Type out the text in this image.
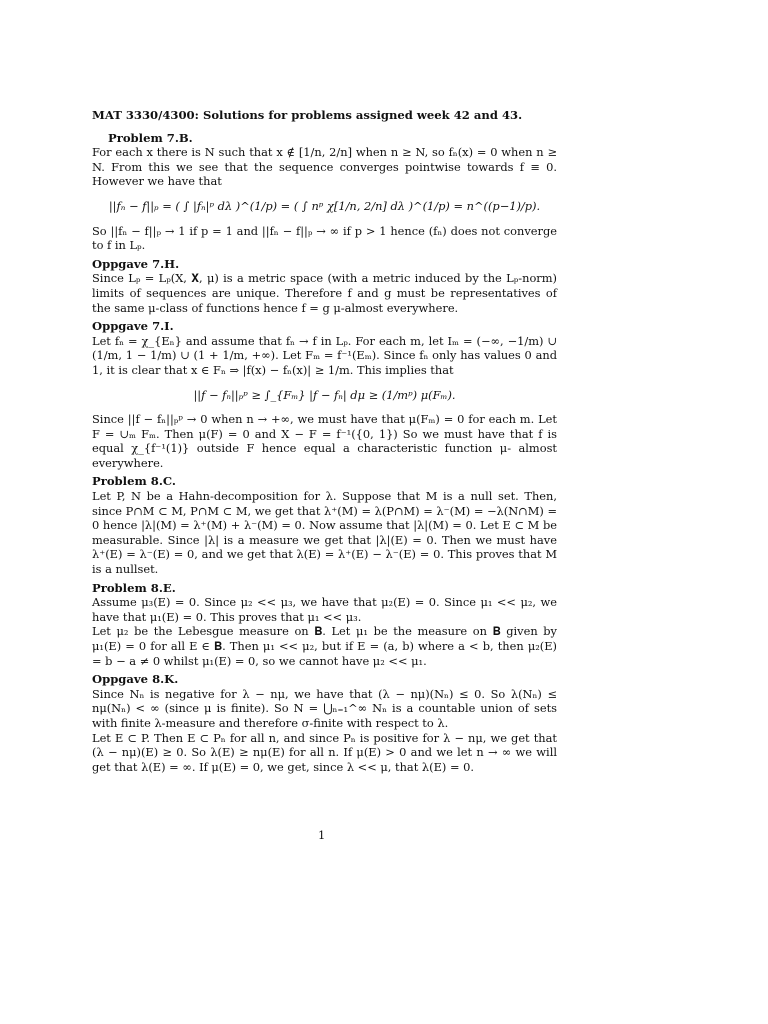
MAT 3330/4300: Solutions for problems assigned week 42 and 43.
Problem 7.B.

For each x there is N such that x ∉ [1/n, 2/n] when n ≥ N, so fₙ(x) = 0 when n ≥ N. From this we see that the sequence converges pointwise towards f ≡ 0. However we have that

||fₙ − f||ₚ = ( ∫ |fₙ|ᵖ dλ )^(1/p) = ( ∫ nᵖ χ[1/n, 2/n] dλ )^(1/p) = n^((p−1)/p).

So ||fₙ − f||ₚ → 1 if p = 1 and ||fₙ − f||ₚ → ∞ if p > 1 hence (fₙ) does not converge to f in Lₚ.

Oppgave 7.H.

Since Lₚ = Lₚ(X, 𝐗, μ) is a metric space (with a metric induced by the Lₚ-norm) limits of sequences are unique. Therefore f and g must be representatives of the same μ-class of functions hence f = g μ-almost everywhere.

Oppgave 7.I.

Let fₙ = χ_{Eₙ} and assume that fₙ → f in Lₚ. For each m, let Iₘ = (−∞, −1/m) ∪ (1/m, 1 − 1/m) ∪ (1 + 1/m, +∞). Let Fₘ = f⁻¹(Eₘ). Since fₙ only has values 0 and 1, it is clear that x ∈ Fₙ ⇒ |f(x) − fₙ(x)| ≥ 1/m. This implies that

||f − fₙ||ₚᵖ ≥ ∫_{Fₘ} |f − fₙ| dμ ≥ (1/mᵖ) μ(Fₘ).

Since ||f − fₙ||ₚᵖ → 0 when n → +∞, we must have that μ(Fₘ) = 0 for each m. Let F = ∪ₘ Fₘ. Then μ(F) = 0 and X − F = f⁻¹({0, 1}) So we must have that f is equal χ_{f⁻¹(1)} outside F hence equal a characteristic function μ- almost everywhere.

Problem 8.C.

Let P, N be a Hahn-decomposition for λ. Suppose that M is a null set. Then, since P∩M ⊂ M, P∩M ⊂ M, we get that λ⁺(M) = λ(P∩M) = λ⁻(M) = −λ(N∩M) = 0 hence |λ|(M) = λ⁺(M) + λ⁻(M) = 0. Now assume that |λ|(M) = 0. Let E ⊂ M be measurable. Since |λ| is a measure we get that |λ|(E) = 0. Then we must have λ⁺(E) = λ⁻(E) = 0, and we get that λ(E) = λ⁺(E) − λ⁻(E) = 0. This proves that M is a nullset.

Problem 8.E.

Assume μ₃(E) = 0. Since μ₂ << μ₃, we have that μ₂(E) = 0. Since μ₁ << μ₂, we have that μ₁(E) = 0. This proves that μ₁ << μ₃.

Let μ₂ be the Lebesgue measure on 𝐁. Let μ₁ be the measure on 𝐁 given by μ₁(E) = 0 for all E ∈ 𝐁. Then μ₁ << μ₂, but if E = (a, b) where a < b, then μ₂(E) = b − a ≠ 0 whilst μ₁(E) = 0, so we cannot have μ₂ << μ₁.

Oppgave 8.K.

Since Nₙ is negative for λ − nμ, we have that (λ − nμ)(Nₙ) ≤ 0. So λ(Nₙ) ≤ nμ(Nₙ) < ∞ (since μ is finite). So N = ⋃ₙ₌₁^∞ Nₙ is a countable union of sets with finite λ-measure and therefore σ-finite with respect to λ.

Let E ⊂ P. Then E ⊂ Pₙ for all n, and since Pₙ is positive for λ − nμ, we get that (λ − nμ)(E) ≥ 0. So λ(E) ≥ nμ(E) for all n. If μ(E) > 0 and we let n → ∞ we will get that λ(E) = ∞. If μ(E) = 0, we get, since λ << μ, that λ(E) = 0.

1
